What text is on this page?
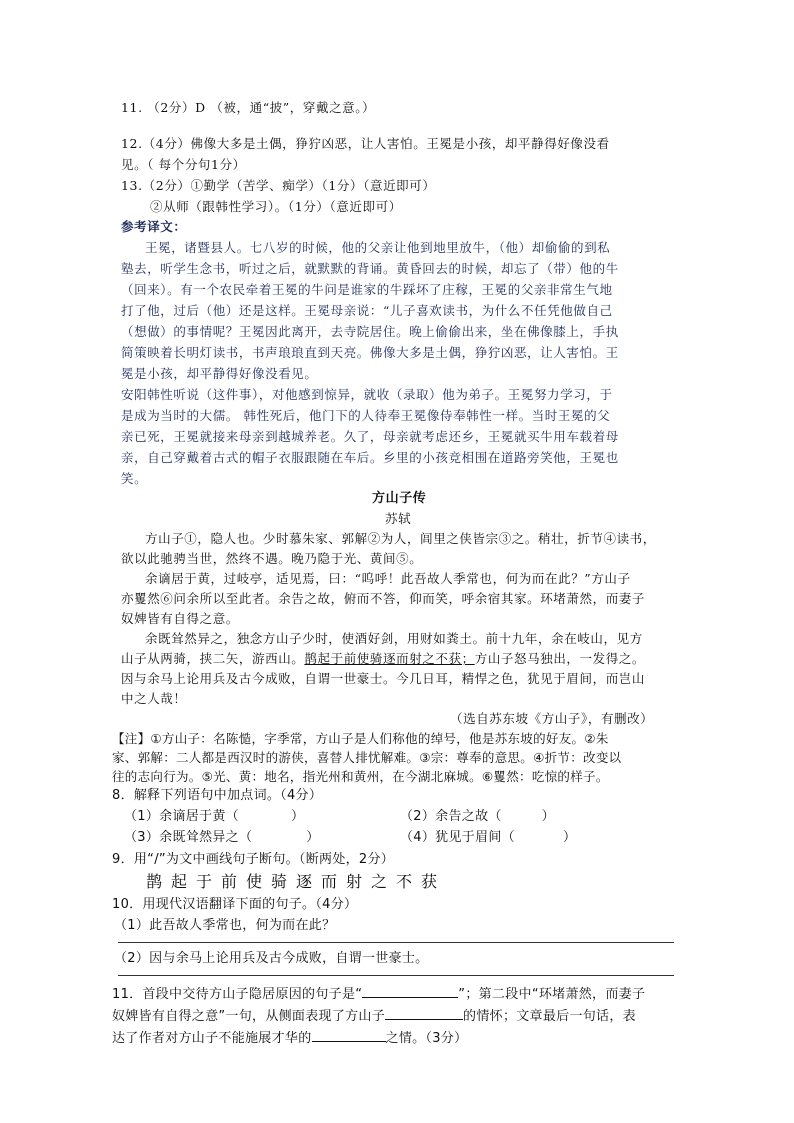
11. （2分）D （被，通“披”，穿戴之意。）
12.（4分）佛像大多是土偶，狰狞凶恶，让人害怕。王冕是小孩，却平静得好像没看
见。（ 每个分句1分）
13.（2分）①勤学（苦学、痴学）（1分）（意近即可）
②从师（跟韩性学习）。（1分）（意近即可）
参考译文：
王冕，诸暨县人。七八岁的时候，他的父亲让他到地里放牛，（他）却偷偷的到私
塾去，听学生念书，听过之后，就默默的背诵。黄昏回去的时候，却忘了（带）他的牛
（回来）。有一个农民牵着王冕的牛问是谁家的牛踩坏了庄稼，王冕的父亲非常生气地
打了他，过后（他）还是这样。王冕母亲说：“儿子喜欢读书，为什么不任凭他做自己
（想做）的事情呢？王冕因此离开，去寺院居住。晚上偷偷出来，坐在佛像膝上，手执
简策映着长明灯读书，书声琅琅直到天亮。佛像大多是土偶，狰狞凶恶，让人害怕。王
冕是小孩，却平静得好像没看见。
安阳韩性听说（这件事），对他感到惊异，就收（录取）他为弟子。王冕努力学习，于
是成为当时的大儒。 韩性死后，他门下的人待奉王冕像侍奉韩性一样。当时王冕的父
亲已死，王冕就接来母亲到越城养老。久了，母亲就考虑还乡，王冕就买牛用车载着母
亲，自己穿戴着古式的帽子衣服跟随在车后。乡里的小孩竞相围在道路旁笑他，王冕也
笑。
方山子传
苏轼
方山子①，隐人也。少时慕朱家、郭解②为人，闾里之侠皆宗③之。稍壮，折节④读书，
欲以此驰骋当世，然终不遇。晚乃隐于光、黄间⑤。
余谪居于黄，过岐亭，适见焉，曰：“呜呼！此吾故人季常也，何为而在此？”方山子
亦矍然⑥问余所以至此者。余告之故，俯而不答，仰而笑，呼余宿其家。环堵萧然，而妻子
奴婢皆有自得之意。
余既耸然异之，独念方山子少时，使酒好剑，用财如粪土。前十九年，余在岐山，见方
山子从两骑，挟二矢，游西山。鹊起于前使骑逐而射之不获；方山子怒马独出，一发得之。
因与余马上论用兵及古今成败，自谓一世豪士。今几日耳，精悍之色，犹见于眉间，而岂山
中之人哉！
（选自苏东坡《方山子》，有删改）
【注】①方山子：名陈慥，字季常，方山子是人们称他的绰号，他是苏东坡的好友。②朱
家、郭解：二人都是西汉时的游侠，喜替人排忧解难。③宗：尊奉的意思。④折节：改变以
往的志向行为。⑤光、黄：地名，指光州和黄州，在今湖北麻城。⑥矍然：吃惊的样子。
8．解释下列语句中加点词。（4分）
（1）余谪居于黄（	）	（2）余告之故（	）
（3）余既耸然异之（	）	（4）犹见于眉间（	）
9．用“/”为文中画线句子断句。（断两处，2分）
鹊起于前使骑逐而射之不获
10．用现代汉语翻译下面的句子。（4分）
（1）此吾故人季常也，何为而在此？
（2）因与余马上论用兵及古今成败，自谓一世豪士。
11．首段中交待方山子隐居原因的句子是“	”；第二段中“环堵萧然，而妻子
奴婢皆有自得之意”一句，从侧面表现了方山子	的情怀；文章最后一句话，表
达了作者对方山子不能施展才华的	之情。（3分）
